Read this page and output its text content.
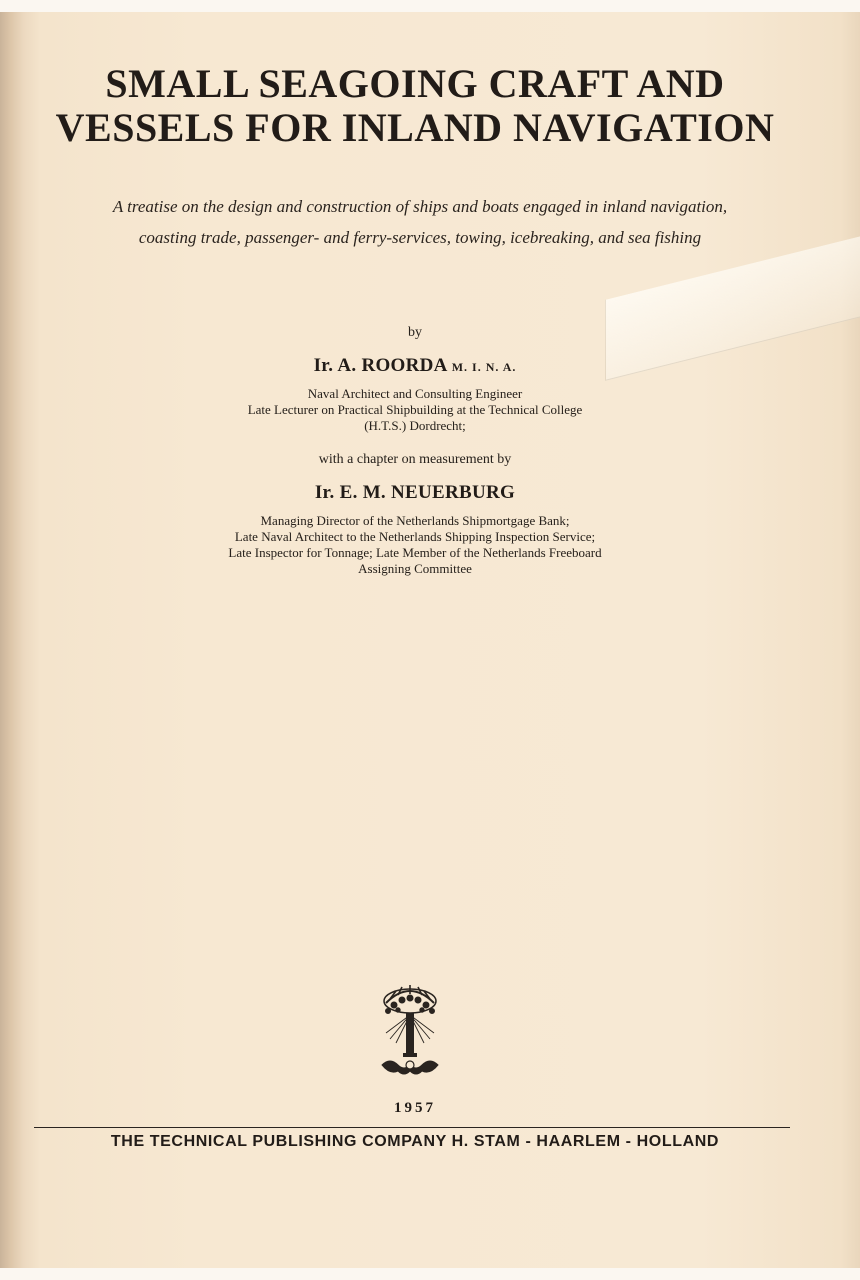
SMALL SEAGOING CRAFT AND
VESSELS FOR INLAND NAVIGATION
A treatise on the design and construction of ships and boats engaged in inland navigation,
coasting trade, passenger- and ferry-services, towing, icebreaking, and sea fishing
by
Ir. A. ROORDA M. I. N. A.
Naval Architect and Consulting Engineer
Late Lecturer on Practical Shipbuilding at the Technical College
(H.T.S.) Dordrecht;
with a chapter on measurement by
Ir. E. M. NEUERBURG
Managing Director of the Netherlands Shipmortgage Bank;
Late Naval Architect to the Netherlands Shipping Inspection Service;
Late Inspector for Tonnage; Late Member of the Netherlands Freeboard
Assigning Committee
1957
THE TECHNICAL PUBLISHING COMPANY H. STAM - HAARLEM - HOLLAND
